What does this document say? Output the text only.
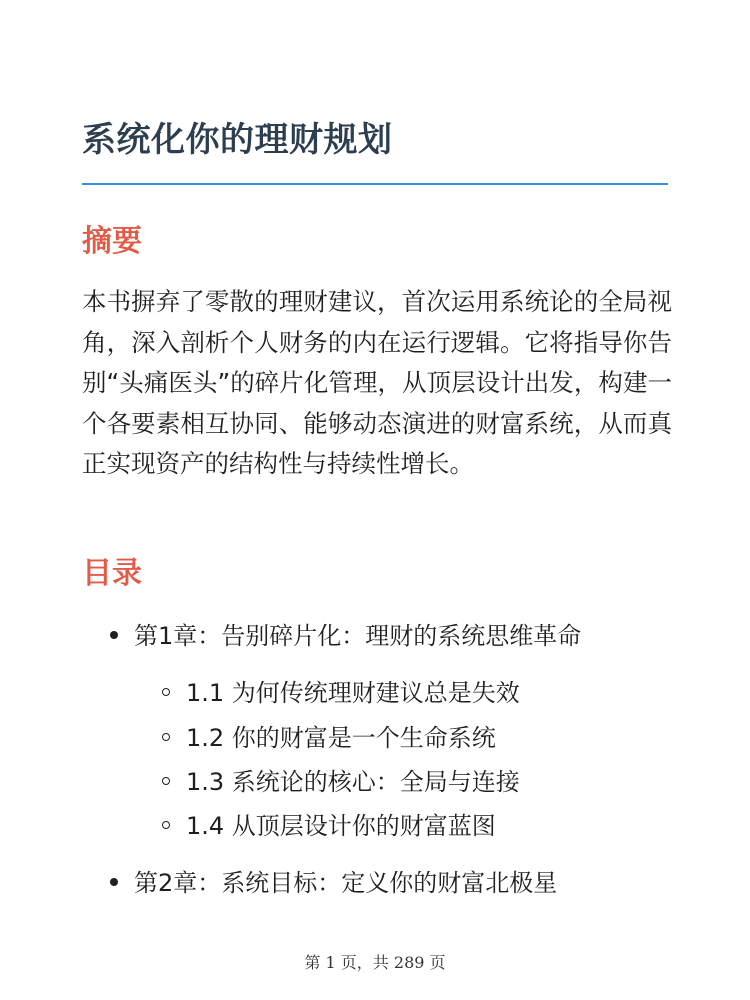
系统化你的理财规划
摘要

本书摒弃了零散的理财建议，首次运用系统论的全局视角，深入剖析个人财务的内在运行逻辑。它将指导你告别“头痛医头”的碎片化管理，从顶层设计出发，构建一个各要素相互协同、能够动态演进的财富系统，从而真正实现资产的结构性与持续性增长。

目录
第1章：告别碎片化：理财的系统思维革命
1.1 为何传统理财建议总是失效
1.2 你的财富是一个生命系统
1.3 系统论的核心：全局与连接
1.4 从顶层设计你的财富蓝图
第2章：系统目标：定义你的财富北极星

第 1 页，共 289 页
